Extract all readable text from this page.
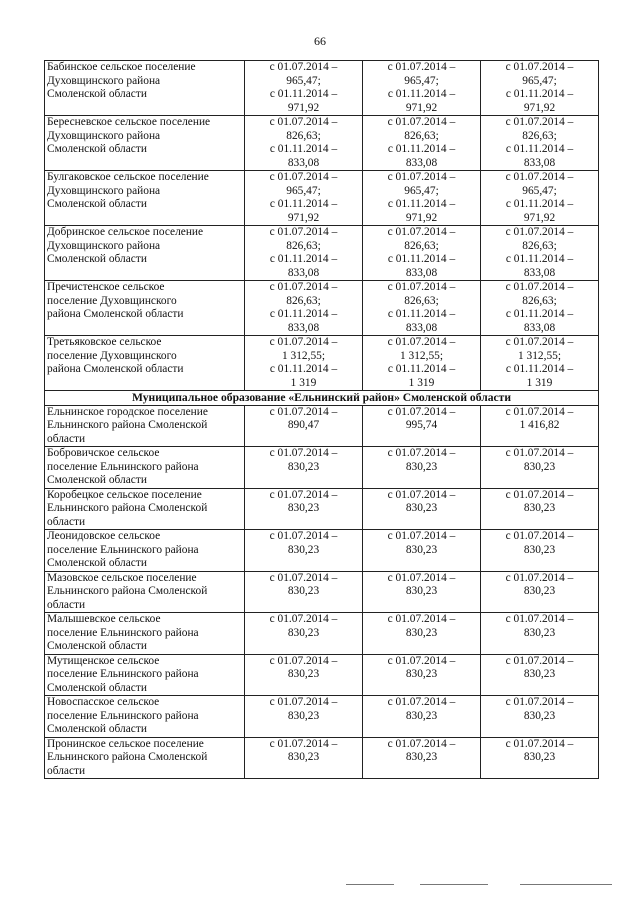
66
Бабинское сельское поселение
Духовщинского района
Смоленской области	с 01.07.2014 –
965,47;
с 01.11.2014 –
971,92	с 01.07.2014 –
965,47;
с 01.11.2014 –
971,92	с 01.07.2014 –
965,47;
с 01.11.2014 –
971,92

Бересневское сельское поселение
Духовщинского района
Смоленской области	с 01.07.2014 –
826,63;
с 01.11.2014 –
833,08	с 01.07.2014 –
826,63;
с 01.11.2014 –
833,08	с 01.07.2014 –
826,63;
с 01.11.2014 –
833,08

Булгаковское сельское поселение
Духовщинского района
Смоленской области	с 01.07.2014 –
965,47;
с 01.11.2014 –
971,92	с 01.07.2014 –
965,47;
с 01.11.2014 –
971,92	с 01.07.2014 –
965,47;
с 01.11.2014 –
971,92

Добринское сельское поселение
Духовщинского района
Смоленской области	с 01.07.2014 –
826,63;
с 01.11.2014 –
833,08	с 01.07.2014 –
826,63;
с 01.11.2014 –
833,08	с 01.07.2014 –
826,63;
с 01.11.2014 –
833,08

Пречистенское сельское
поселение Духовщинского
района Смоленской области	с 01.07.2014 –
826,63;
с 01.11.2014 –
833,08	с 01.07.2014 –
826,63;
с 01.11.2014 –
833,08	с 01.07.2014 –
826,63;
с 01.11.2014 –
833,08

Третьяковское сельское
поселение Духовщинского
района Смоленской области	с 01.07.2014 –
1 312,55;
с 01.11.2014 –
1 319	с 01.07.2014 –
1 312,55;
с 01.11.2014 –
1 319	с 01.07.2014 –
1 312,55;
с 01.11.2014 –
1 319

Муниципальное образование «Ельнинский район» Смоленской области			

Ельнинское городское поселение
Ельнинского района Смоленской
области	с 01.07.2014 –
890,47	с 01.07.2014 –
995,74	с 01.07.2014 –
1 416,82

Бобровичское сельское
поселение Ельнинского района
Смоленской области	с 01.07.2014 –
830,23	с 01.07.2014 –
830,23	с 01.07.2014 –
830,23

Коробецкое сельское поселение
Ельнинского района Смоленской
области	с 01.07.2014 –
830,23	с 01.07.2014 –
830,23	с 01.07.2014 –
830,23

Леонидовское сельское
поселение Ельнинского района
Смоленской области	с 01.07.2014 –
830,23	с 01.07.2014 –
830,23	с 01.07.2014 –
830,23

Мазовское сельское поселение
Ельнинского района Смоленской
области	с 01.07.2014 –
830,23	с 01.07.2014 –
830,23	с 01.07.2014 –
830,23

Малышевское сельское
поселение Ельнинского района
Смоленской области	с 01.07.2014 –
830,23	с 01.07.2014 –
830,23	с 01.07.2014 –
830,23

Мутищенское сельское
поселение Ельнинского района
Смоленской области	с 01.07.2014 –
830,23	с 01.07.2014 –
830,23	с 01.07.2014 –
830,23

Новоспасское сельское
поселение Ельнинского района
Смоленской области	с 01.07.2014 –
830,23	с 01.07.2014 –
830,23	с 01.07.2014 –
830,23

Пронинское сельское поселение
Ельнинского района Смоленской
области	с 01.07.2014 –
830,23	с 01.07.2014 –
830,23	с 01.07.2014 –
830,23
